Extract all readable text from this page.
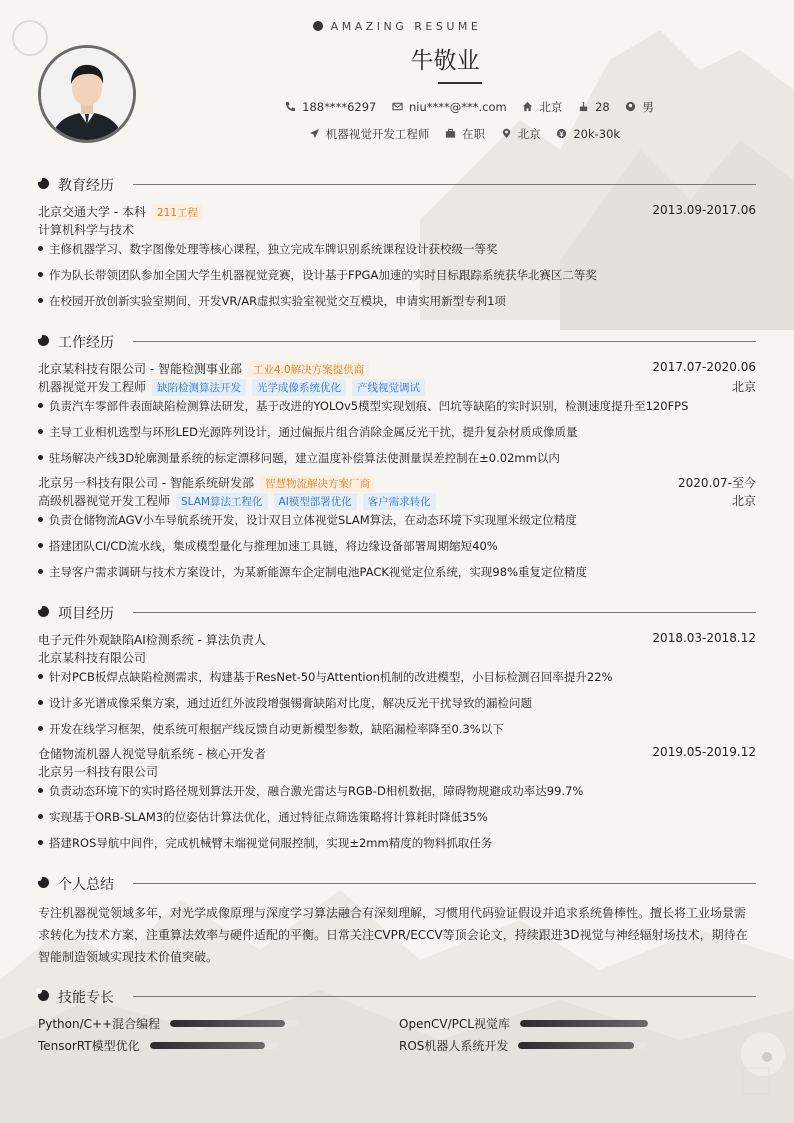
AMAZING RESUME
牛敬业
188****6297	niu****@***.com	北京	28	男
机器视觉开发工程师	在职	北京	20k-30k
教育经历
北京交通大学 - 本科 211工程	2013.09-2017.06
计算机科学与技术
主修机器学习、数字图像处理等核心课程，独立完成车牌识别系统课程设计获校级一等奖
作为队长带领团队参加全国大学生机器视觉竞赛，设计基于FPGA加速的实时目标跟踪系统获华北赛区二等奖
在校园开放创新实验室期间，开发VR/AR虚拟实验室视觉交互模块，申请实用新型专利1项
工作经历
北京某科技有限公司 - 智能检测事业部 工业4.0解决方案提供商	2017.07-2020.06
机器视觉开发工程师 缺陷检测算法开发 光学成像系统优化 产线视觉调试	北京
负责汽车零部件表面缺陷检测算法研发，基于改进的YOLOv5模型实现划痕、凹坑等缺陷的实时识别，检测速度提升至120FPS
主导工业相机选型与环形LED光源阵列设计，通过偏振片组合消除金属反光干扰，提升复杂材质成像质量
驻场解决产线3D轮廓测量系统的标定漂移问题，建立温度补偿算法使测量误差控制在±0.02mm以内
北京另一科技有限公司 - 智能系统研发部 智慧物流解决方案厂商	2020.07-至今
高级机器视觉开发工程师 SLAM算法工程化 AI模型部署优化 客户需求转化	北京
负责仓储物流AGV小车导航系统开发，设计双目立体视觉SLAM算法，在动态环境下实现厘米级定位精度
搭建团队CI/CD流水线，集成模型量化与推理加速工具链，将边缘设备部署周期缩短40%
主导客户需求调研与技术方案设计，为某新能源车企定制电池PACK视觉定位系统，实现98%重复定位精度
项目经历
电子元件外观缺陷AI检测系统 - 算法负责人	2018.03-2018.12
北京某科技有限公司
针对PCB板焊点缺陷检测需求，构建基于ResNet-50与Attention机制的改进模型，小目标检测召回率提升22%
设计多光谱成像采集方案，通过近红外波段增强锡膏缺陷对比度，解决反光干扰导致的漏检问题
开发在线学习框架，使系统可根据产线反馈自动更新模型参数，缺陷漏检率降至0.3%以下
仓储物流机器人视觉导航系统 - 核心开发者	2019.05-2019.12
北京另一科技有限公司
负责动态环境下的实时路径规划算法开发，融合激光雷达与RGB-D相机数据，障碍物规避成功率达99.7%
实现基于ORB-SLAM3的位姿估计算法优化，通过特征点筛选策略将计算耗时降低35%
搭建ROS导航中间件，完成机械臂末端视觉伺服控制，实现±2mm精度的物料抓取任务
个人总结
专注机器视觉领域多年，对光学成像原理与深度学习算法融合有深刻理解，习惯用代码验证假设并追求系统鲁棒性。擅长将工业场景需求转化为技术方案，注重算法效率与硬件适配的平衡。日常关注CVPR/ECCV等顶会论文，持续跟进3D视觉与神经辐射场技术，期待在智能制造领域实现技术价值突破。
技能专长
Python/C++混合编程	OpenCV/PCL视觉库
TensorRT模型优化	ROS机器人系统开发
